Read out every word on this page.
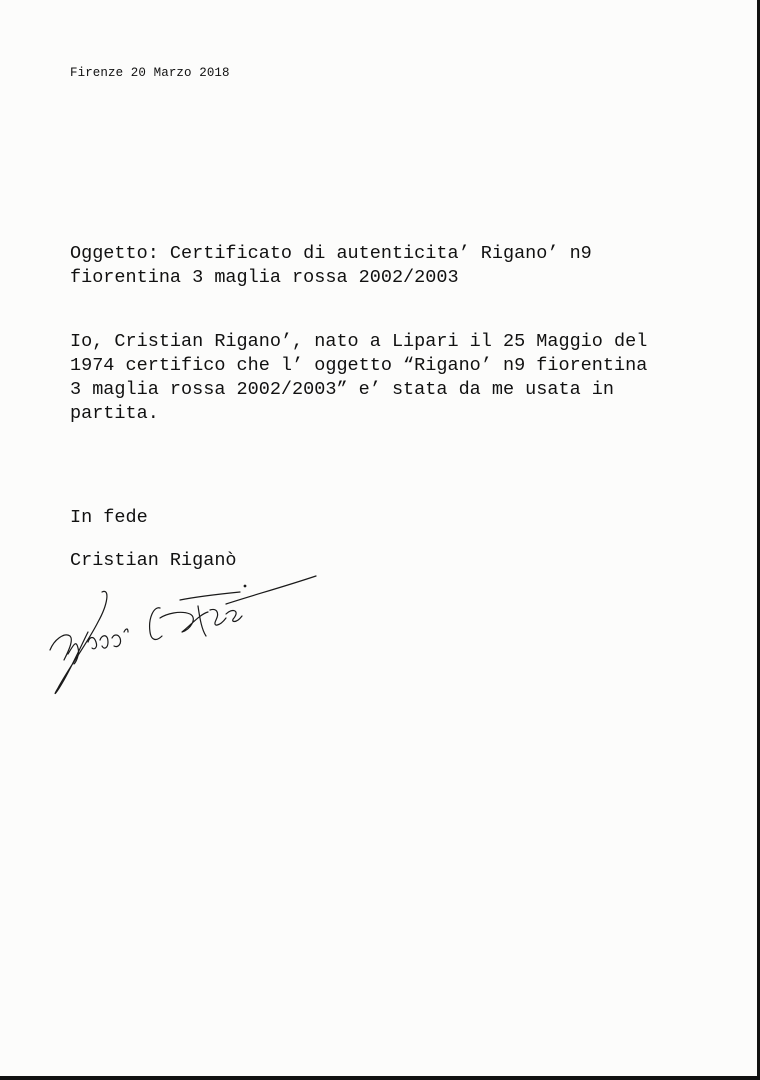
Firenze 20 Marzo 2018
Oggetto: Certificato di autenticita’ Rigano’ n9
fiorentina 3 maglia rossa 2002/2003
Io, Cristian Rigano’, nato a Lipari il 25 Maggio del
1974 certifico che l’ oggetto “Rigano’ n9 fiorentina
3 maglia rossa 2002/2003” e’ stata da me usata in
partita.
In fede
Cristian Riganò
